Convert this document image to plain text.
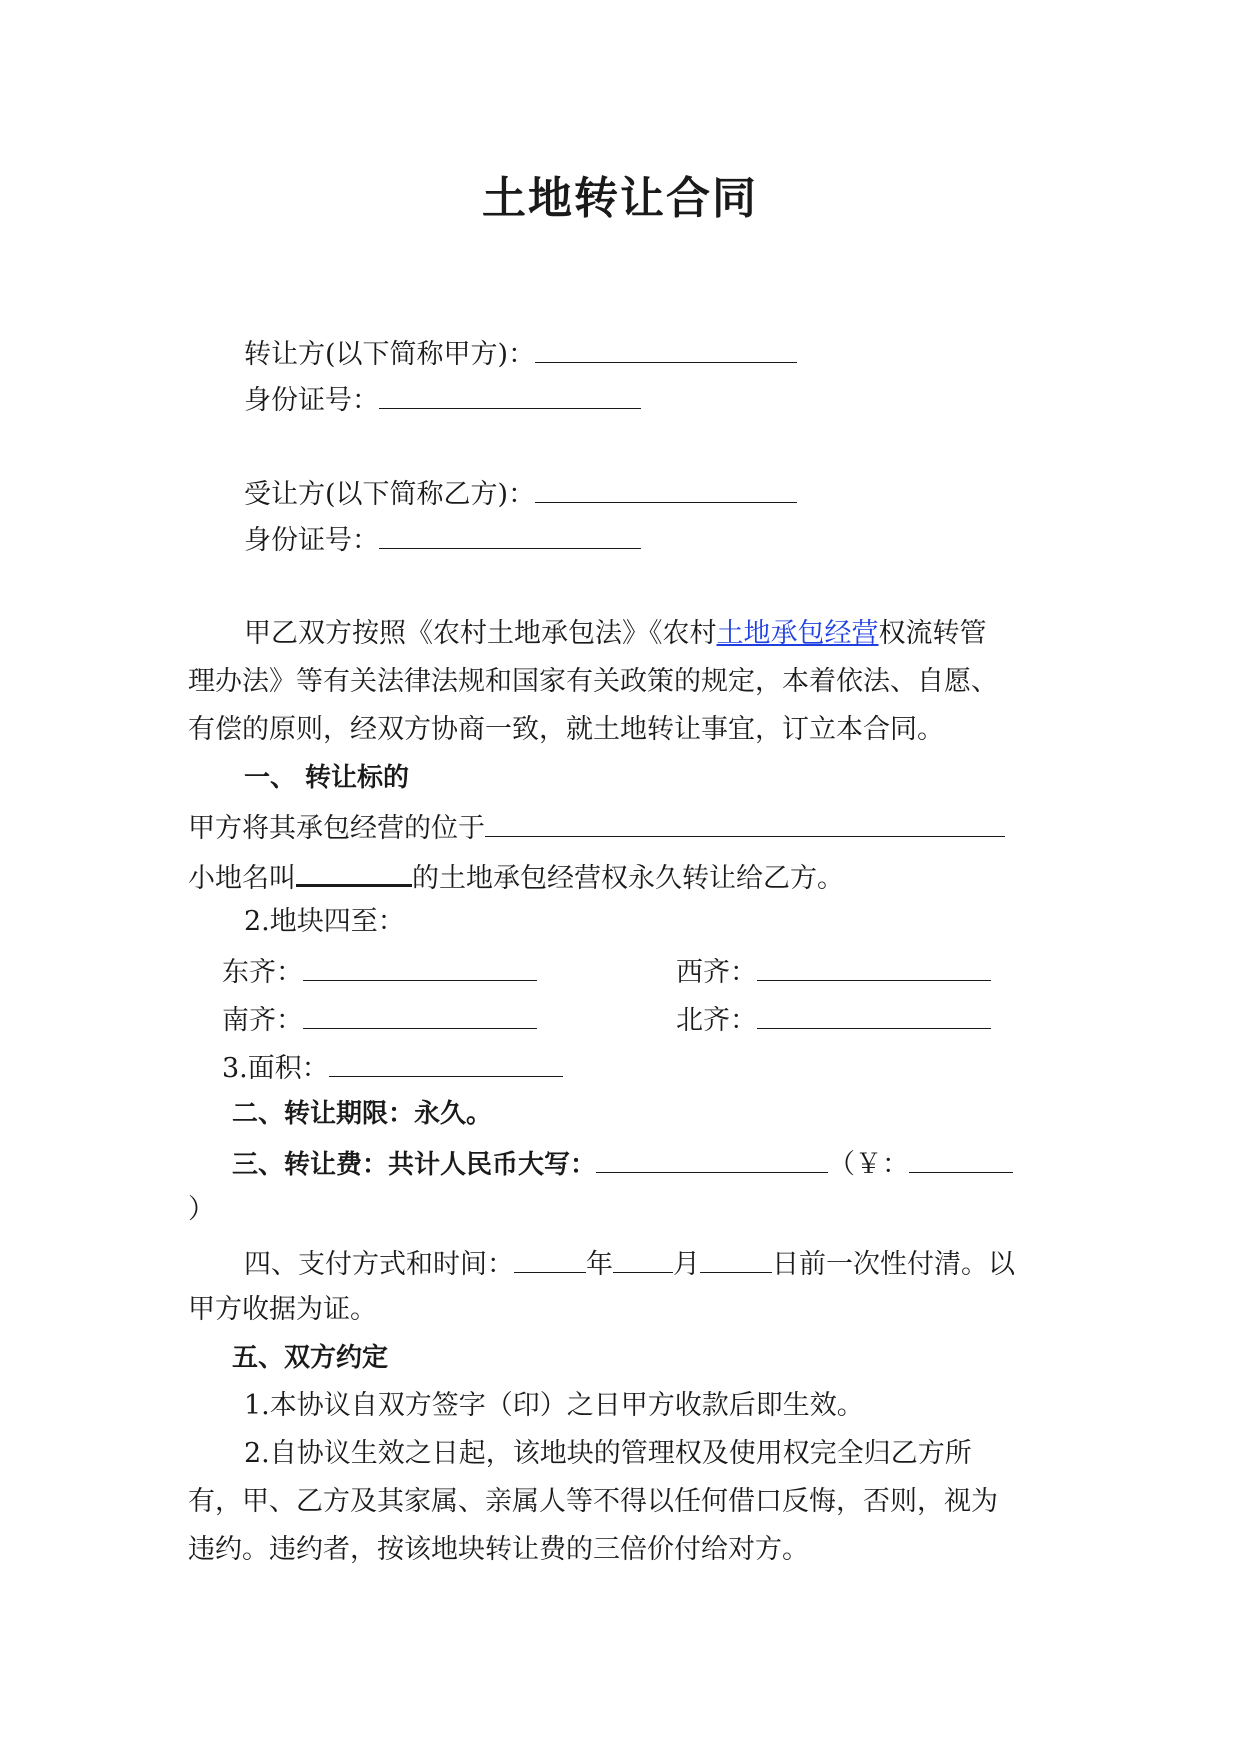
土地转让合同
转让方(以下简称甲方)：
身份证号：
受让方(以下简称乙方)：
身份证号：
甲乙双方按照《农村土地承包法》《农村土地承包经营权流转管
理办法》等有关法律法规和国家有关政策的规定，本着依法、自愿、
有偿的原则，经双方协商一致，就土地转让事宜，订立本合同。
一、 转让标的
甲方将其承包经营的位于
小地名叫	的土地承包经营权永久转让给乙方。
2.地块四至：
东齐：	西齐：
南齐：	北齐：
3.面积：
二、转让期限：永久。
三、转让费：共计人民币大写：	（￥：
）
四、支付方式和时间：	年 月	日前一次性付清。以
甲方收据为证。
五、双方约定
1.本协议自双方签字（印）之日甲方收款后即生效。
2.自协议生效之日起，该地块的管理权及使用权完全归乙方所
有，甲、乙方及其家属、亲属人等不得以任何借口反悔，否则，视为
违约。违约者，按该地块转让费的三倍价付给对方。
